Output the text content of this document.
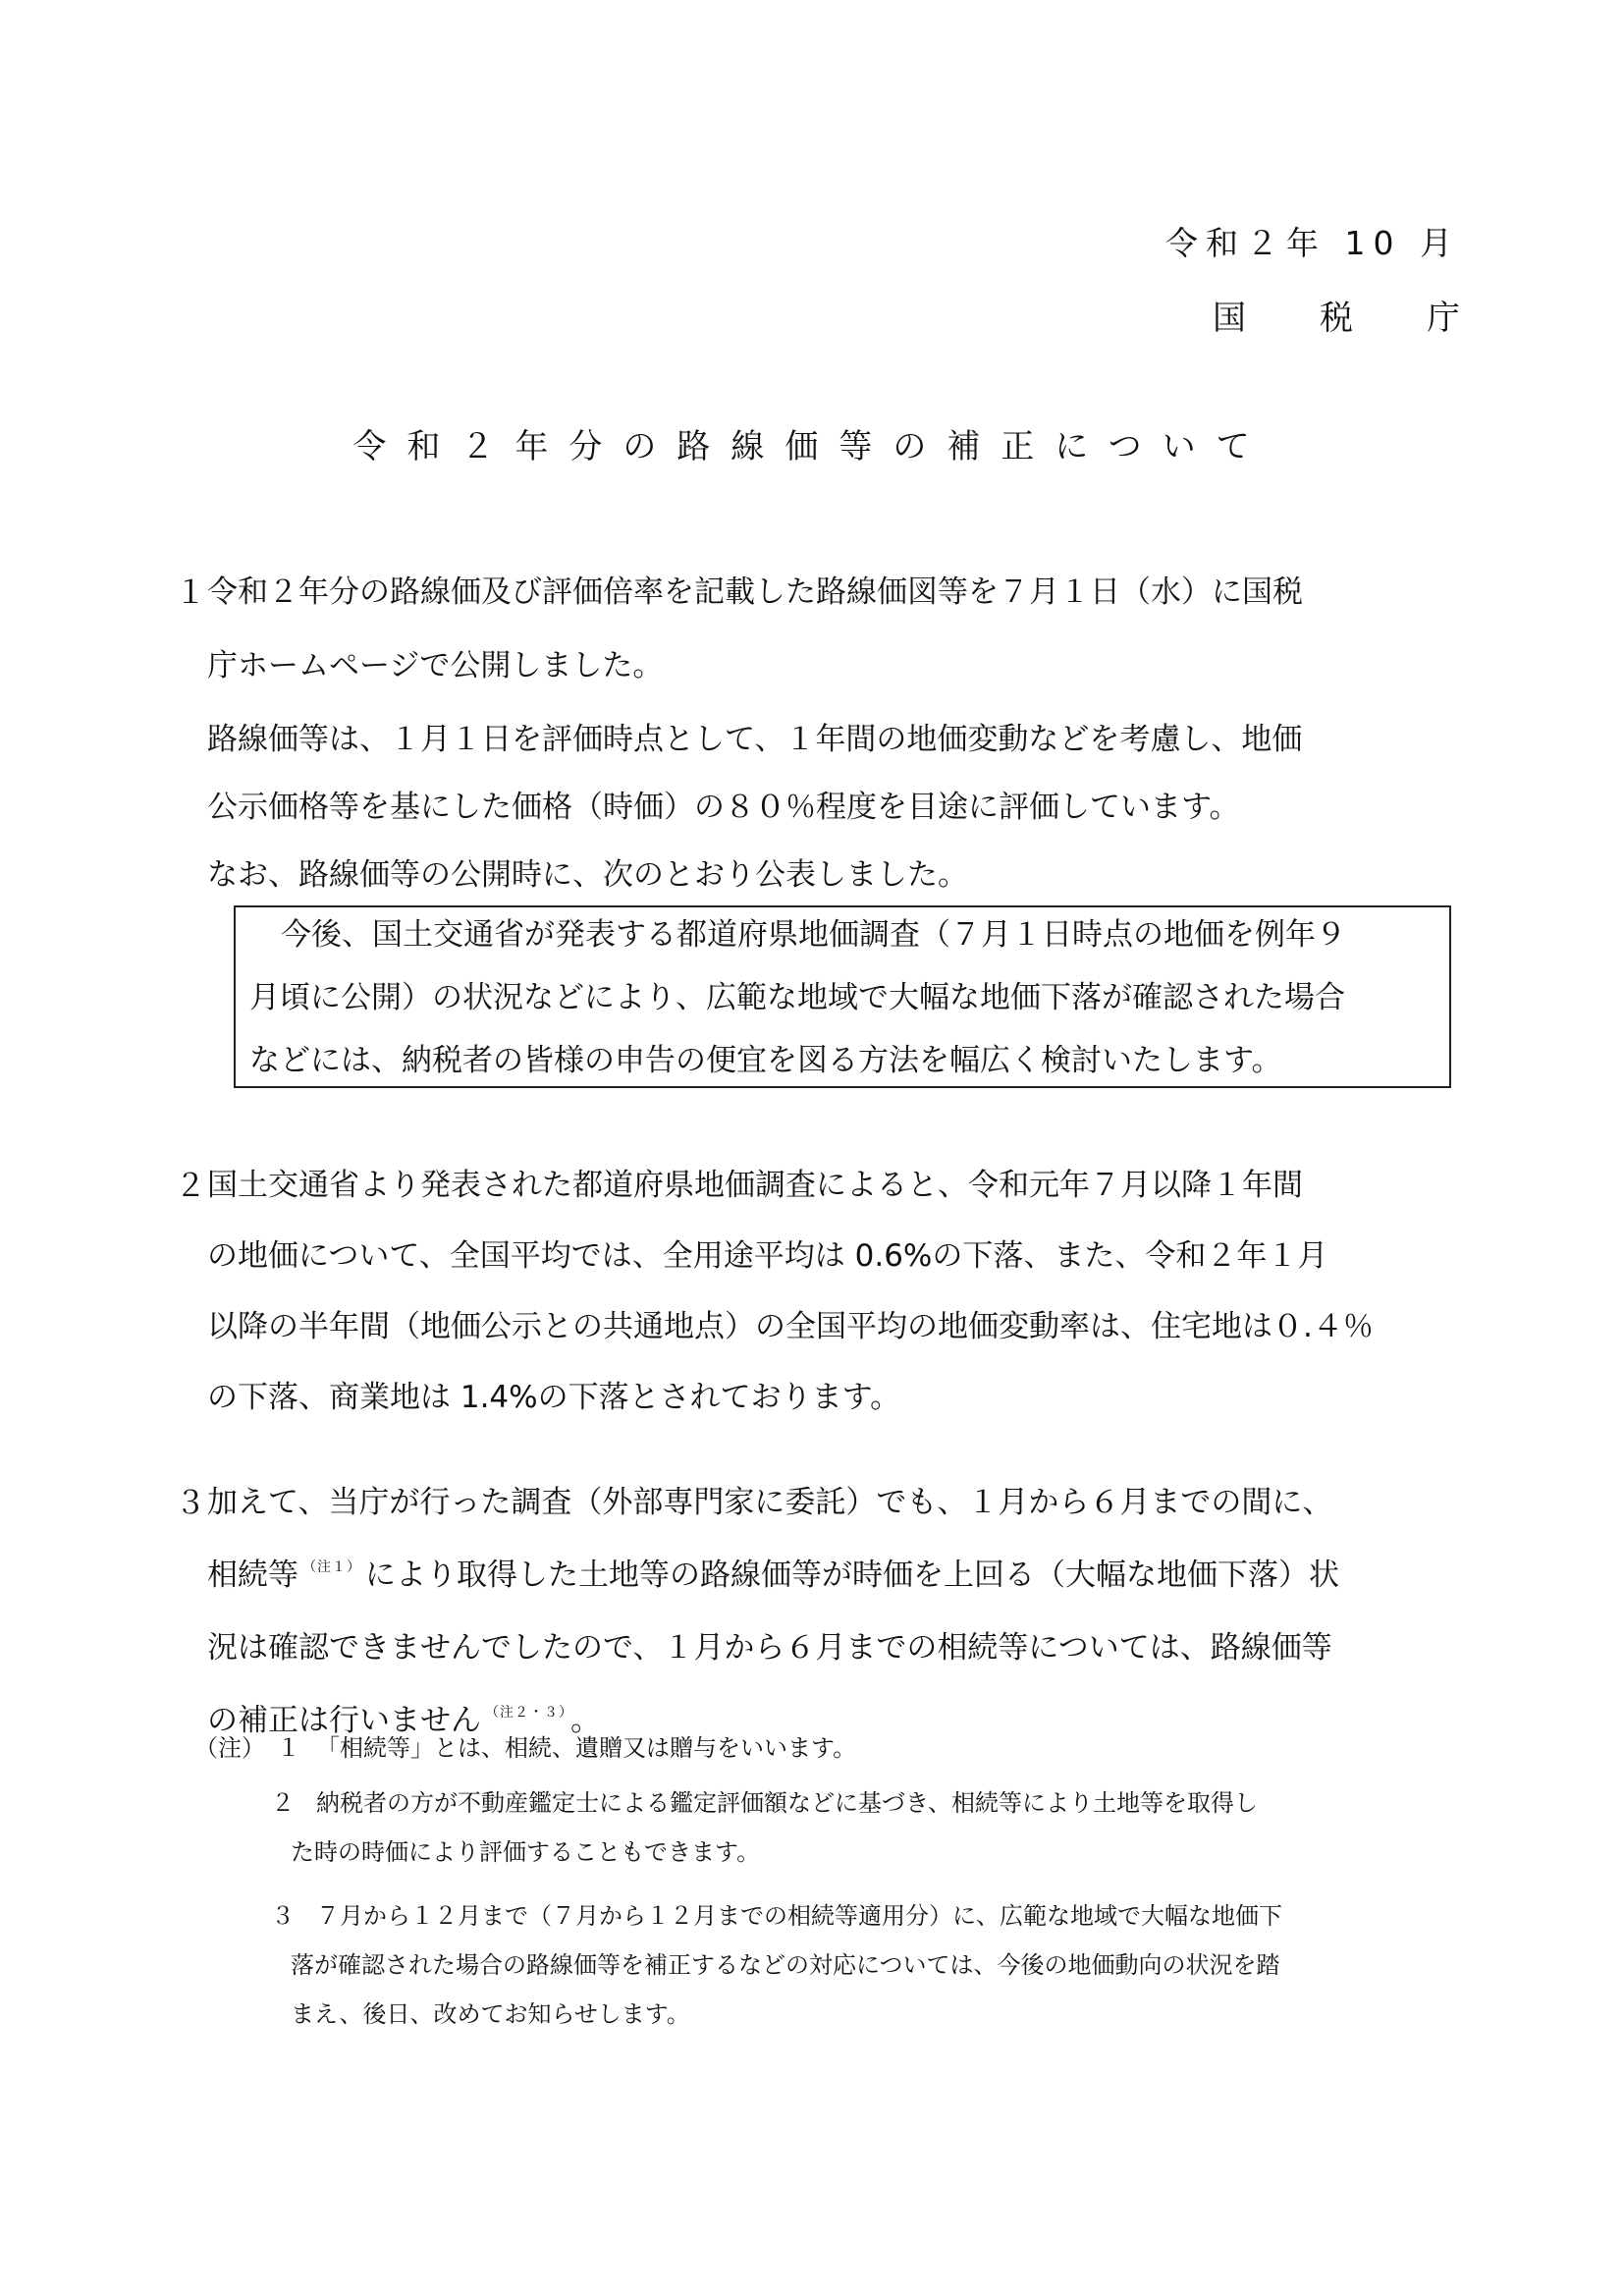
令和２年 10 月
国 税 庁
令和２年分の路線価等の補正について
１ 令和２年分の路線価及び評価倍率を記載した路線価図等を７月１日（水）に国税
庁ホームページで公開しました。
路線価等は、１月１日を評価時点として、１年間の地価変動などを考慮し、地価
公示価格等を基にした価格（時価）の８０％程度を目途に評価しています。
なお、路線価等の公開時に、次のとおり公表しました。
今後、国土交通省が発表する都道府県地価調査（７月１日時点の地価を例年９
月頃に公開）の状況などにより、広範な地域で大幅な地価下落が確認された場合
などには、納税者の皆様の申告の便宜を図る方法を幅広く検討いたします。
２ 国土交通省より発表された都道府県地価調査によると、令和元年７月以降１年間
の地価について、全国平均では、全用途平均は 0.6%の下落、また、令和２年１月
以降の半年間（地価公示との共通地点）の全国平均の地価変動率は、住宅地は０.４％
の下落、商業地は 1.4%の下落とされております。
３ 加えて、当庁が行った調査（外部専門家に委託）でも、１月から６月までの間に、
相続等 $^{(注1)}$ により取得した土地等の路線価等が時価を上回る（大幅な地価下落）状
況は確認できませんでしたので、１月から６月までの相続等については、路線価等
の補正は行いません $^{(注2・3)}$ 。
（注） １ 「相続等」とは、相続、遺贈又は贈与をいいます。
２ 納税者の方が不動産鑑定士による鑑定評価額などに基づき、相続等により土地等を取得し
た時の時価により評価することもできます。
３ ７月から１２月まで（７月から１２月までの相続等適用分）に、広範な地域で大幅な地価下
落が確認された場合の路線価等を補正するなどの対応については、今後の地価動向の状況を踏
まえ、後日、改めてお知らせします。
